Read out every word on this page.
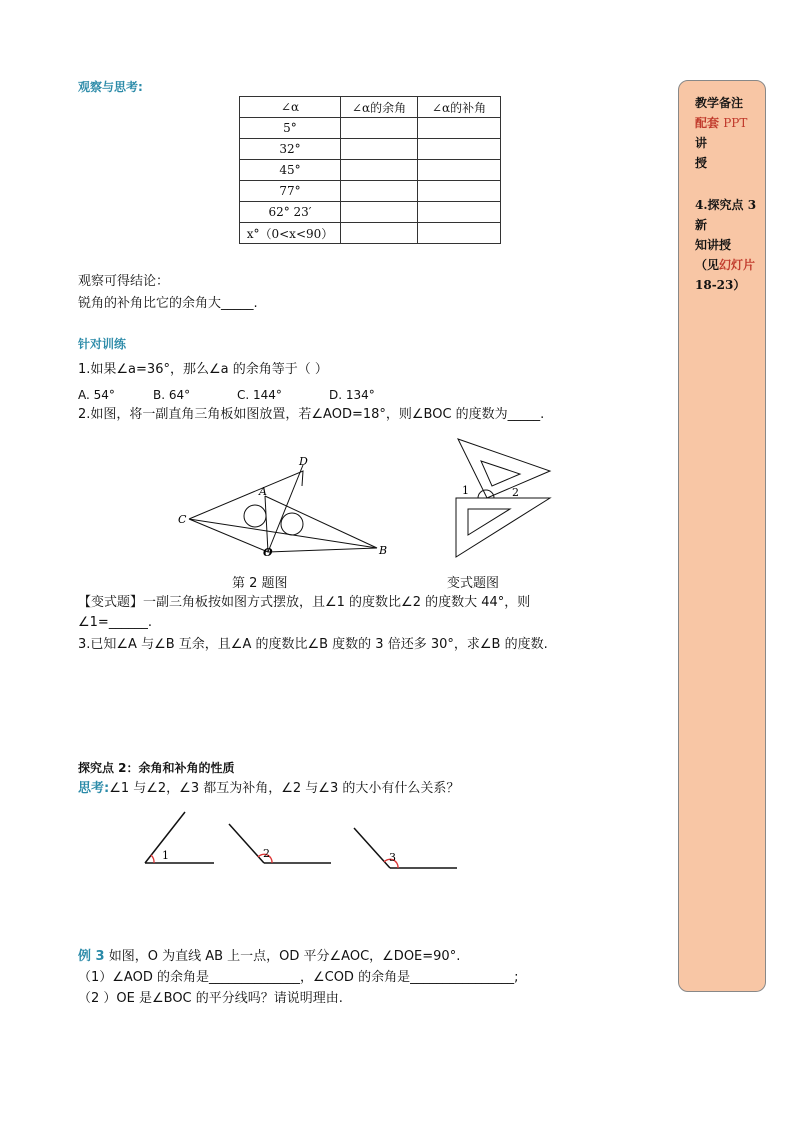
观察与思考:
∠α	∠α的余角	∠α的补角
5°		
32°		
45°		
77°		
62° 23′		
x°（0<x<90）		
观察可得结论：
锐角的补角比它的余角大_____.
针对训练
1.如果∠a=36°，那么∠a 的余角等于（ ）
A. 54°	B. 64°	C. 144°	D. 134°
2.如图，将一副直角三角板如图放置，若∠AOD=18°，则∠BOC 的度数为_____.
D
A
C
O	B
1	2
第 2 题图	变式题图
【变式题】一副三角板按如图方式摆放，且∠1 的度数比∠2 的度数大 44°，则
∠1=______.
3.已知∠A 与∠B 互余，且∠A 的度数比∠B 度数的 3 倍还多 30°，求∠B 的度数.
探究点 2：余角和补角的性质
思考:∠1 与∠2，∠3 都互为补角，∠2 与∠3 的大小有什么关系？
1	2	3
例 3 如图，O 为直线 AB 上一点，OD 平分∠AOC，∠DOE=90°.
（1）∠AOD 的余角是______________，∠COD 的余角是________________;
（2 ）OE 是∠BOC 的平分线吗？请说明理由.
教学备注
配套 PPT 讲
授
4.探究点 3 新
知讲授
（见幻灯片
18-23）
